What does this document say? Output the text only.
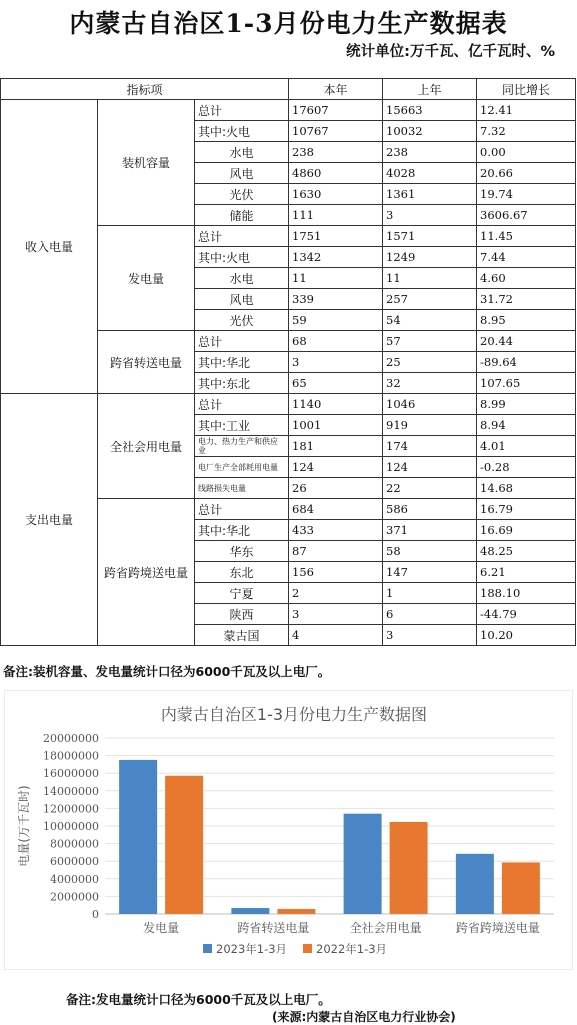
内蒙古自治区1-3月份电力生产数据表
统计单位:万千瓦、亿千瓦时、%
指标项			本年	上年	同比增长
收入电量	装机容量	总计	17607	15663	12.41
		其中:火电	10767	10032	7.32
		水电	238	238	0.00
		风电	4860	4028	20.66
		光伏	1630	1361	19.74
		储能	111	3	3606.67
	发电量	总计	1751	1571	11.45
		其中:火电	1342	1249	7.44
		水电	11	11	4.60
		风电	339	257	31.72
		光伏	59	54	8.95
	跨省转送电量	总计	68	57	20.44
		其中:华北	3	25	-89.64
		其中:东北	65	32	107.65
支出电量	全社会用电量	总计	1140	1046	8.99
		其中:工业	1001	919	8.94
		电力、热力生产和供应业	181	174	4.01
		电厂生产全部耗用电量	124	124	-0.28
		线路损失电量	26	22	14.68
	跨省跨境送电量	总计	684	586	16.79
		其中:华北	433	371	16.69
		华东	87	58	48.25
		东北	156	147	6.21
		宁夏	2	1	188.10
		陕西	3	6	-44.79
		蒙古国	4	3	10.20
备注:装机容量、发电量统计口径为6000千瓦及以上电厂。
内蒙古自治区1-3月份电力生产数据图
0
2000000
4000000
6000000
8000000
10000000
12000000
14000000
16000000
18000000
20000000
电量(万千瓦时)
发电量	跨省转送电量	全社会用电量	跨省跨境送电量
2023年1-3月	2022年1-3月
备注:发电量统计口径为6000千瓦及以上电厂。
(来源:内蒙古自治区电力行业协会)
